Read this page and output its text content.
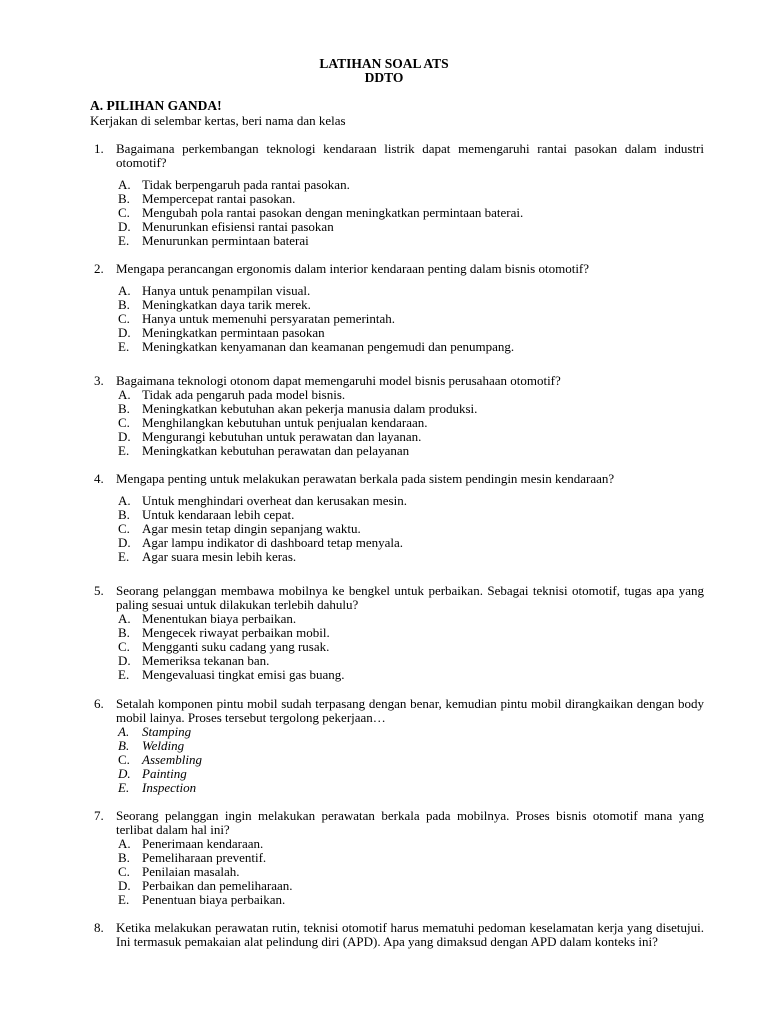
LATIHAN SOAL ATS
DDTO
A. PILIHAN GANDA!
Kerjakan di selembar kertas, beri nama dan kelas
1. Bagaimana perkembangan teknologi kendaraan listrik dapat memengaruhi rantai pasokan dalam industri otomotif?
A. Tidak berpengaruh pada rantai pasokan.
B. Mempercepat rantai pasokan.
C. Mengubah pola rantai pasokan dengan meningkatkan permintaan baterai.
D. Menurunkan efisiensi rantai pasokan
E. Menurunkan permintaan baterai
2. Mengapa perancangan ergonomis dalam interior kendaraan penting dalam bisnis otomotif?
A. Hanya untuk penampilan visual.
B. Meningkatkan daya tarik merek.
C. Hanya untuk memenuhi persyaratan pemerintah.
D. Meningkatkan permintaan pasokan
E. Meningkatkan kenyamanan dan keamanan pengemudi dan penumpang.
3. Bagaimana teknologi otonom dapat memengaruhi model bisnis perusahaan otomotif?
A. Tidak ada pengaruh pada model bisnis.
B. Meningkatkan kebutuhan akan pekerja manusia dalam produksi.
C. Menghilangkan kebutuhan untuk penjualan kendaraan.
D. Mengurangi kebutuhan untuk perawatan dan layanan.
E. Meningkatkan kebutuhan perawatan dan pelayanan
4. Mengapa penting untuk melakukan perawatan berkala pada sistem pendingin mesin kendaraan?
A. Untuk menghindari overheat dan kerusakan mesin.
B. Untuk kendaraan lebih cepat.
C. Agar mesin tetap dingin sepanjang waktu.
D. Agar lampu indikator di dashboard tetap menyala.
E. Agar suara mesin lebih keras.
5. Seorang pelanggan membawa mobilnya ke bengkel untuk perbaikan. Sebagai teknisi otomotif, tugas apa yang paling sesuai untuk dilakukan terlebih dahulu?
A. Menentukan biaya perbaikan.
B. Mengecek riwayat perbaikan mobil.
C. Mengganti suku cadang yang rusak.
D. Memeriksa tekanan ban.
E. Mengevaluasi tingkat emisi gas buang.
6. Setalah komponen pintu mobil sudah terpasang dengan benar, kemudian pintu mobil dirangkaikan dengan body mobil lainya. Proses tersebut tergolong pekerjaan…
A. Stamping
B. Welding
C. Assembling
D. Painting
E. Inspection
7. Seorang pelanggan ingin melakukan perawatan berkala pada mobilnya. Proses bisnis otomotif mana yang terlibat dalam hal ini?
A. Penerimaan kendaraan.
B. Pemeliharaan preventif.
C. Penilaian masalah.
D. Perbaikan dan pemeliharaan.
E. Penentuan biaya perbaikan.
8. Ketika melakukan perawatan rutin, teknisi otomotif harus mematuhi pedoman keselamatan kerja yang disetujui. Ini termasuk pemakaian alat pelindung diri (APD). Apa yang dimaksud dengan APD dalam konteks ini?
